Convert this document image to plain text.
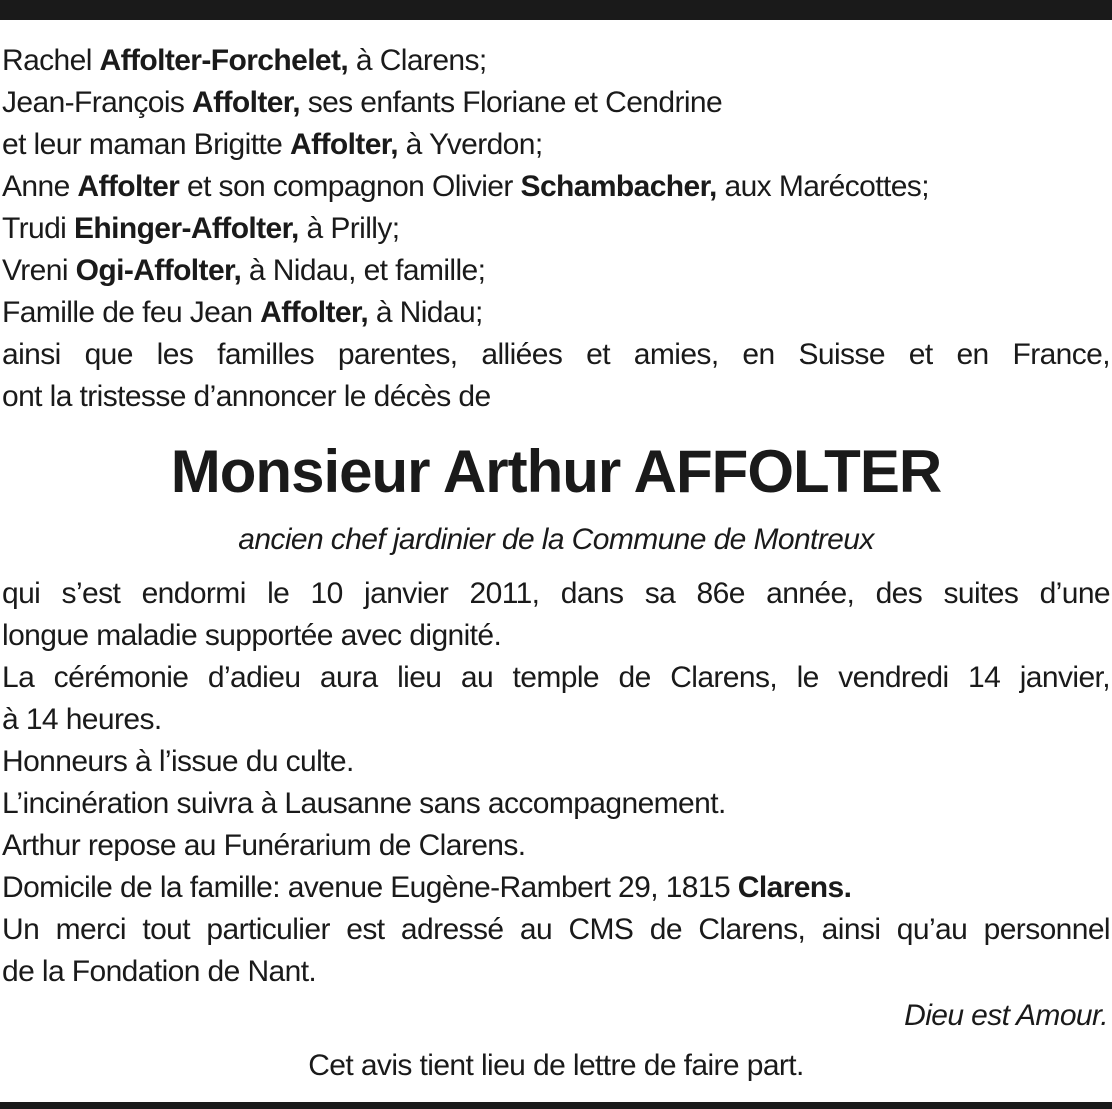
Rachel Affolter-Forchelet, à Clarens;
Jean-François Affolter, ses enfants Floriane et Cendrine
et leur maman Brigitte Affolter, à Yverdon;
Anne Affolter et son compagnon Olivier Schambacher, aux Marécottes;
Trudi Ehinger-Affolter, à Prilly;
Vreni Ogi-Affolter, à Nidau, et famille;
Famille de feu Jean Affolter, à Nidau;
ainsi que les familles parentes, alliées et amies, en Suisse et en France,
ont la tristesse d’annoncer le décès de
Monsieur Arthur AFFOLTER
ancien chef jardinier de la Commune de Montreux
qui s’est endormi le 10 janvier 2011, dans sa 86e année, des suites d’une
longue maladie supportée avec dignité.
La cérémonie d’adieu aura lieu au temple de Clarens, le vendredi 14 janvier,
à 14 heures.
Honneurs à l’issue du culte.
L’incinération suivra à Lausanne sans accompagnement.
Arthur repose au Funérarium de Clarens.
Domicile de la famille: avenue Eugène-Rambert 29, 1815 Clarens.
Un merci tout particulier est adressé au CMS de Clarens, ainsi qu’au personnel
de la Fondation de Nant.
Dieu est Amour.
Cet avis tient lieu de lettre de faire part.
